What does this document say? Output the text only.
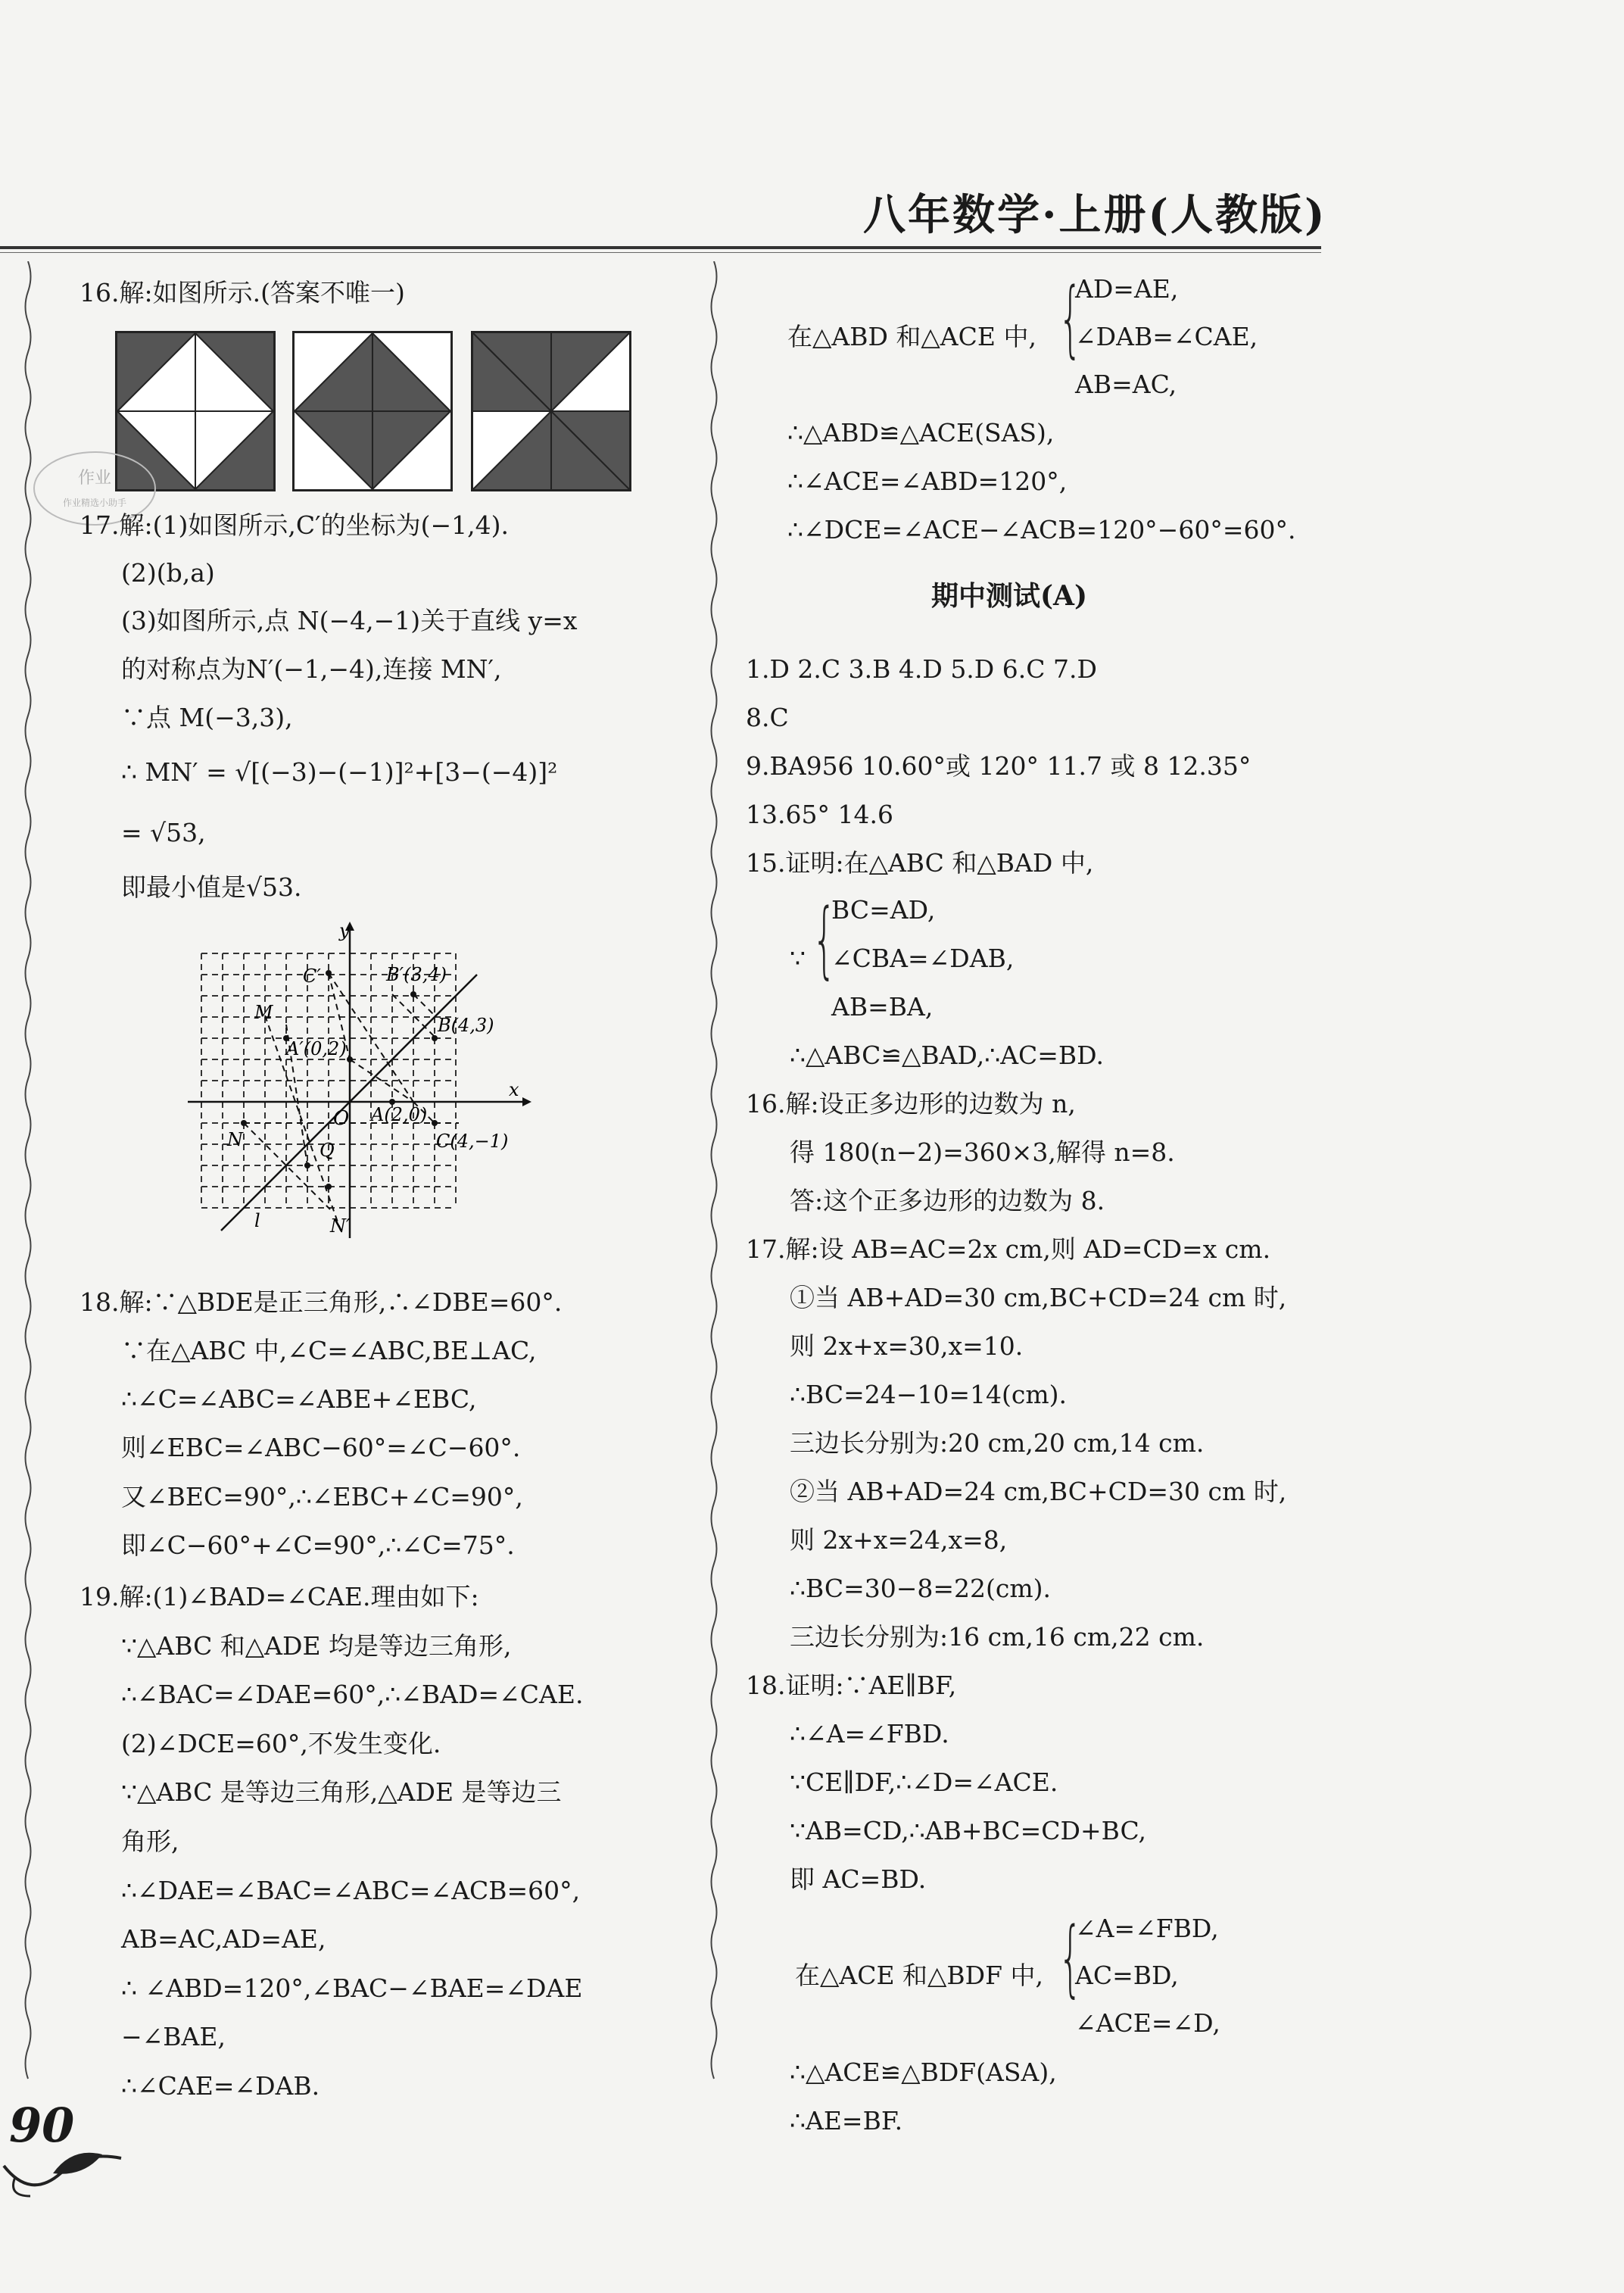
八年数学·上册(人教版)
16.解:如图所示.(答案不唯一)
作业
作业精选小助手
17.解:(1)如图所示,C′的坐标为(−1,4).
(2)(b,a)
(3)如图所示,点 N(−4,−1)关于直线 y=x
的对称点为N′(−1,−4),连接 MN′,
∵点 M(−3,3),
∴ MN′ = √[(−3)−(−1)]²+[3−(−4)]²
= √53,
即最小值是√53.
y
x
O
Q
l
C′	B′(3,4)
M
B(4,3)
A′(0,2)
A(2,0)
N	C(4,−1)
N′
18.解:∵△BDE是正三角形,∴∠DBE=60°.
∵在△ABC 中,∠C=∠ABC,BE⊥AC,
∴∠C=∠ABC=∠ABE+∠EBC,
则∠EBC=∠ABC−60°=∠C−60°.
又∠BEC=90°,∴∠EBC+∠C=90°,
即∠C−60°+∠C=90°,∴∠C=75°.
19.解:(1)∠BAD=∠CAE.理由如下:
∵△ABC 和△ADE 均是等边三角形,
∴∠BAC=∠DAE=60°,∴∠BAD=∠CAE.
(2)∠DCE=60°,不发生变化.
∵△ABC 是等边三角形,△ADE 是等边三
角形,
∴∠DAE=∠BAC=∠ABC=∠ACB=60°,
AB=AC,AD=AE,
∴ ∠ABD=120°,∠BAC−∠BAE=∠DAE
−∠BAE,
∴∠CAE=∠DAB.
90
在△ABD 和△ACE 中, {
AD=AE,
∠DAB=∠CAE,
AB=AC,
∴△ABD≌△ACE(SAS),
∴∠ACE=∠ABD=120°,
∴∠DCE=∠ACE−∠ACB=120°−60°=60°.
期中测试(A)
1.D 2.C 3.B 4.D 5.D 6.C 7.D
8.C
9.BA956 10.60°或 120° 11.7 或 8 12.35°
13.65° 14.6
15.证明:在△ABC 和△BAD 中,
∵ {
BC=AD,
∠CBA=∠DAB,
AB=BA,
∴△ABC≌△BAD,∴AC=BD.
16.解:设正多边形的边数为 n,
得 180(n−2)=360×3,解得 n=8.
答:这个正多边形的边数为 8.
17.解:设 AB=AC=2x cm,则 AD=CD=x cm.
①当 AB+AD=30 cm,BC+CD=24 cm 时,
则 2x+x=30,x=10.
∴BC=24−10=14(cm).
三边长分别为:20 cm,20 cm,14 cm.
②当 AB+AD=24 cm,BC+CD=30 cm 时,
则 2x+x=24,x=8,
∴BC=30−8=22(cm).
三边长分别为:16 cm,16 cm,22 cm.
18.证明:∵AE∥BF,
∴∠A=∠FBD.
∵CE∥DF,∴∠D=∠ACE.
∵AB=CD,∴AB+BC=CD+BC,
即 AC=BD.
在△ACE 和△BDF 中, {
∠A=∠FBD,
AC=BD,
∠ACE=∠D,
∴△ACE≌△BDF(ASA),
∴AE=BF.
